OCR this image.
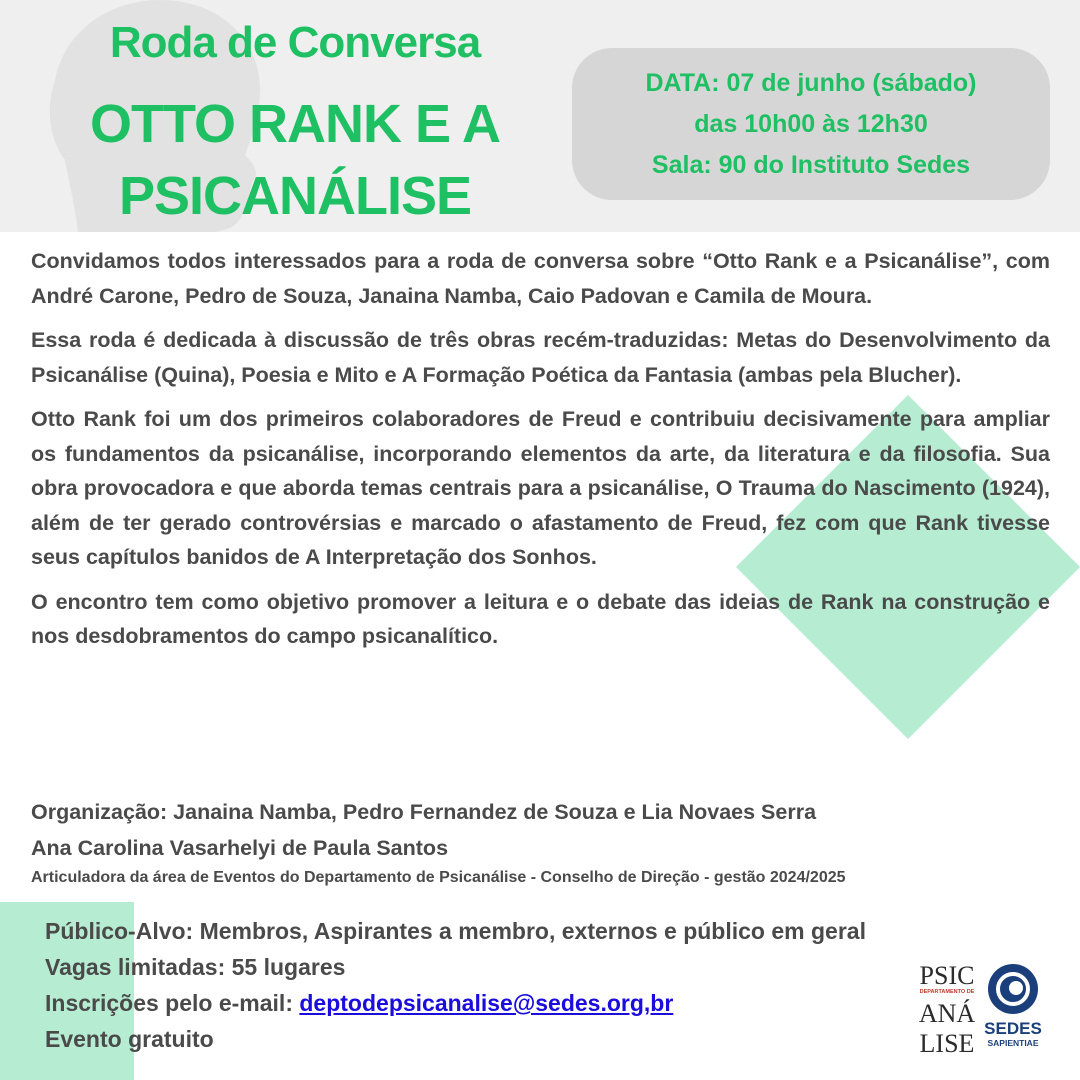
Roda de Conversa
OTTO RANK E A
PSICANÁLISE
DATA: 07 de junho (sábado)
das 10h00 às 12h30
Sala: 90 do Instituto Sedes

Convidamos todos interessados para a roda de conversa sobre “Otto Rank e a Psicanálise”, com André Carone, Pedro de Souza, Janaina Namba, Caio Padovan e Camila de Moura.

Essa roda é dedicada à discussão de três obras recém-traduzidas: Metas do Desenvolvimento da Psicanálise (Quina), Poesia e Mito e A Formação Poética da Fantasia (ambas pela Blucher).

Otto Rank foi um dos primeiros colaboradores de Freud e contribuiu decisivamente para ampliar os fundamentos da psicanálise, incorporando elementos da arte, da literatura e da filosofia. Sua obra provocadora e que aborda temas centrais para a psicanálise, O Trauma do Nascimento (1924), além de ter gerado controvérsias e marcado o afastamento de Freud, fez com que Rank tivesse seus capítulos banidos de A Interpretação dos Sonhos.

O encontro tem como objetivo promover a leitura e o debate das ideias de Rank na construção e nos desdobramentos do campo psicanalítico.

Organização: Janaina Namba, Pedro Fernandez de Souza e Lia Novaes Serra
Ana Carolina Vasarhelyi de Paula Santos
Articuladora da área de Eventos do Departamento de Psicanálise - Conselho de Direção - gestão 2024/2025
Público-Alvo: Membros, Aspirantes a membro, externos e público em geral
Vagas limitadas: 55 lugares
Inscrições pelo e-mail: deptodepsicanalise@sedes.org,br
Evento gratuito
PSIC
DEPARTAMENTO DE
ANÁ
LISE
SEDES
SAPIENTIAE
